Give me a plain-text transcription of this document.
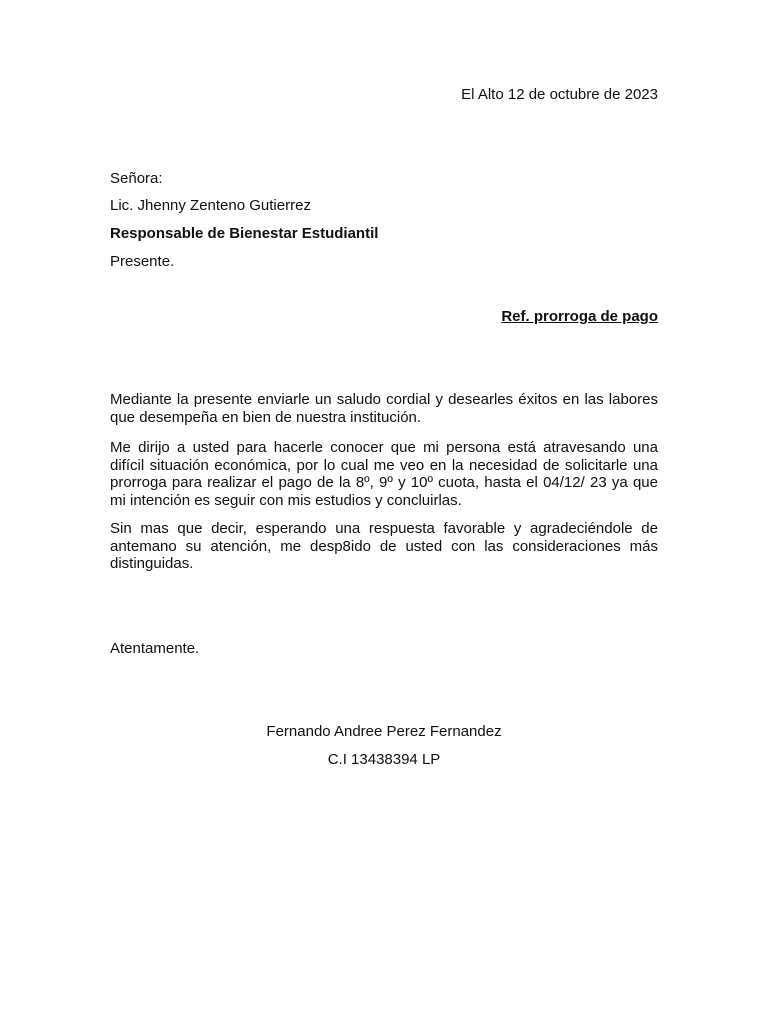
El Alto 12 de octubre de 2023
Señora:
Lic. Jhenny Zenteno Gutierrez
Responsable de Bienestar Estudiantil
Presente.
Ref. prorroga de pago
Mediante la presente enviarle un saludo cordial y desearles éxitos en las labores que desempeña en bien de nuestra institución.
Me dirijo a usted para hacerle conocer que mi persona está atravesando una difícil situación económica, por lo cual me veo en la necesidad de solicitarle una prorroga para realizar el pago de la 8º, 9º y 10º cuota, hasta el 04/12/ 23 ya que mi intención es seguir con mis estudios y concluirlas.
Sin mas que decir, esperando una respuesta favorable y agradeciéndole de antemano su atención, me desp8ido de usted con las consideraciones más distinguidas.
Atentamente.
Fernando Andree Perez Fernandez
C.I 13438394 LP
